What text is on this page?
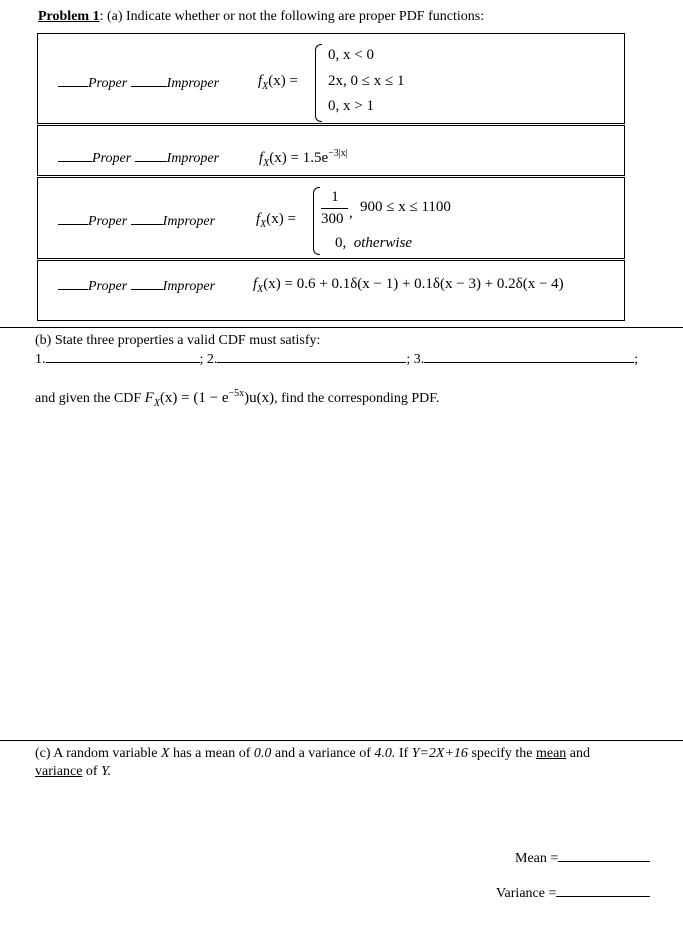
Problem 1: (a) Indicate whether or not the following are proper PDF functions:
Proper	Improper	$f_X(x)$ =
0, x < 0
2x, 0 ≤ x ≤ 1
0, x > 1
Proper	Improper	$f_X(x) = 1.5e^{-3|x|}$
Proper	Improper	$f_X(x)$ =
1
300 , 900 ≤ x ≤ 1100
0, otherwise
Proper	Improper	$f_X(x) = 0.6 + 0.1\delta(x - 1) + 0.1\delta(x - 3) + 0.2\delta(x - 4)$
(b) State three properties a valid CDF must satisfy:
1.	; 2.	; 3.	;
and given the CDF $F_X(x) = (1 - e^{-5x})u(x)$, find the corresponding PDF.
(c) A random variable X has a mean of 0.0 and a variance of 4.0. If Y=2X+16 specify the mean and
variance of Y.
Mean =
Variance =
